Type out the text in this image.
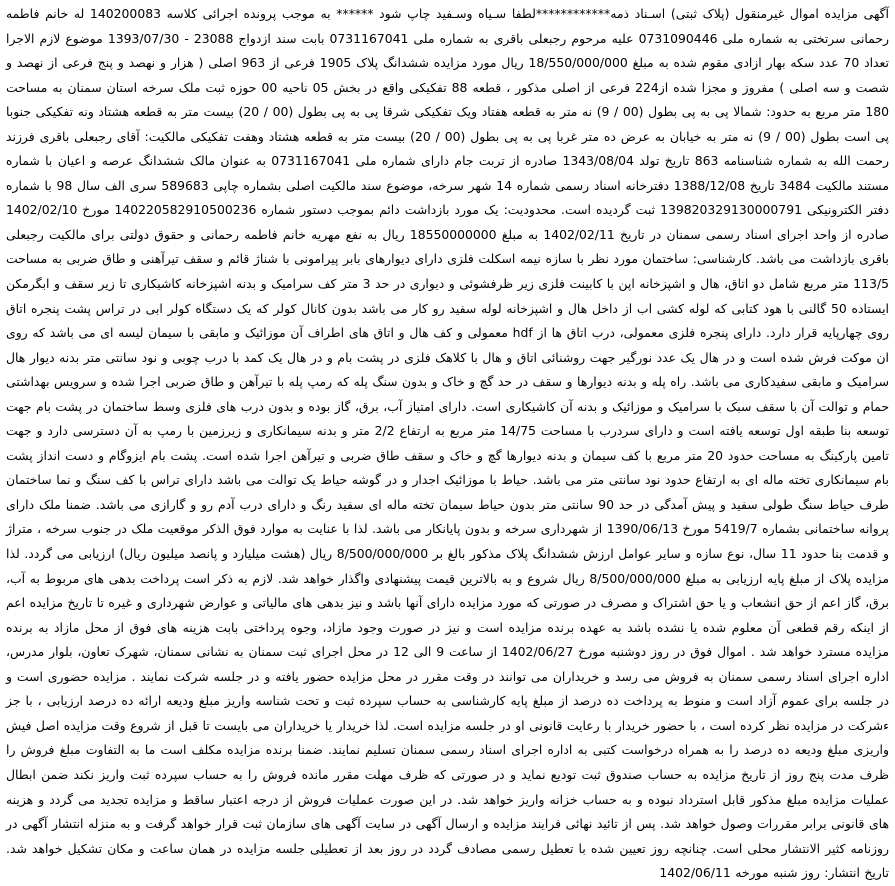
آگهی مزایده اموال غیرمنقول (پلاک ثبتی) اسـناد ذمه************لطفا سـیاه وسـفید چاپ شود ****** به موجب پرونده اجرائی کلاسه 140200083 له خانم فاطمه رحمانی سرتختی به شماره ملی 0731090446 علیه مرحوم رجبعلی باقری به شماره ملی 0731167041 بابت سند ازدواج 23088 - 1393/07/30 موضوع لازم الاجرا تعداد 70 عدد سکه بهار ازادی مقوم شده به مبلغ 18/550/000/000 ریال مورد مزایده ششدانگ پلاک 1905 فرعی از 963 اصلی ( هزار و نهصد و پنج فرعی از نهصد و شصت و سه اصلی ) مفروز و مجزا شده از224 فرعی از اصلی مذکور ، قطعه 88 تفکیکی واقع در بخش 05 ناحیه 00 حوزه ثبت ملک سرخه استان سمنان به مساحت 180 متر مربع به حدود: شمالا پی به پی بطول (00 / 9) نه متر به قطعه هفتاد ویک تفکیکی شرقا پی به پی بطول (00 / 20) بیست متر به قطعه هشتاد ونه تفکیکی جنوبا پی است بطول (00 / 9) نه متر به خیابان به عرض ده متر غربا پی به پی بطول (00 / 20) بیست متر به قطعه هشتاد وهفت تفکیکی مالکیت: آقای رجبعلی باقری فرزند رحمت الله به شماره شناسنامه 863 تاریخ تولد 1343/08/04 صادره از تربت جام دارای شماره ملی 0731167041 به عنوان مالک ششدانگ عرصه و اعیان با شماره مستند مالکیت 3484 تاریخ 1388/12/08 دفترخانه اسناد رسمی شماره 14 شهر سرخه، موضوع سند مالکیت اصلی بشماره چاپی 589683 سری الف سال 98 با شماره دفتر الکترونیکی 139820329130000791 ثبت گردیده است. محدودیت: یک مورد بازداشت دائم بموجب دستور شماره 140220582910500236 مورخ 1402/02/10 صادره از واحد اجرای اسناد رسمی سمنان در تاریخ 1402/02/11 به مبلغ 18550000000 ریال به نفع مهریه خانم فاطمه رحمانی و حقوق دولتی برای مالکیت رجبعلی باقری بازداشت می باشد. کارشناسی: ساختمان مورد نظر با سازه نیمه اسکلت فلزی دارای دیوارهای بابر پیرامونی با شناژ قائم و سقف تیرآهنی و طاق ضربی به مساحت 113/5 متر مربع شامل دو اتاق، هال و اشپزخانه اپن با کابینت فلزی زیر ظرفشوئی و دیواری در حد 3 متر کف سرامیک و بدنه اشپزخانه کاشیکاری تا زیر سقف و ابگرمکن ایستاده 50 گالنی با هود کتابی که لوله کشی اب از داخل هال و اشپزخانه لوله سفید رو کار می باشد بدون کانال کولر که یک دستگاه کولر ابی در تراس پشت پنجره اتاق روی چهارپایه قرار دارد. دارای پنجره فلزی معمولی، درب اتاق ها از hdf معمولی و کف هال و اتاق های اطراف آن موزائیک و مابقی با سیمان لیسه ای می باشد که روی ان موکت فرش شده است و در هال یک عدد نورگیر جهت روشنائی اتاق و هال با کلاهک فلزی در پشت بام و در هال یک کمد با درب چوبی و نود سانتی متر بدنه دیوار هال سرامیک و مابقی سفیدکاری می باشد. راه پله و بدنه دیوارها و سقف در حد گچ و خاک و بدون سنگ پله که رمپ پله با تیرآهن و طاق ضربی اجرا شده و سرویس بهداشتی حمام و توالت آن با سقف سبک با سرامیک و موزائیک و بدنه آن کاشیکاری است. دارای امتیاز آب، برق، گاز بوده و بدون درب های فلزی وسط ساختمان در پشت بام جهت توسعه بنا طبقه اول توسعه یافته است و دارای سردرب با مساحت 14/75 متر مربع به ارتفاع 2/2 متر و بدنه سیمانکاری و زیرزمین با رمپ به آن دسترسی دارد و جهت تامین پارکینگ به مساحت حدود 20 متر مربع با کف سیمان و بدنه دیوارها گچ و خاک و سقف طاق ضربی و تیرآهن اجرا شده است. پشت بام ایزوگام و دست انداز پشت بام سیمانکاری تخته ماله ای به ارتفاع حدود نود سانتی متر می باشد. حیاط با موزائیک اجدار و در گوشه حیاط یک توالت می باشد دارای تراس با کف سنگ و نما ساختمان طرف حیاط سنگ طولی سفید و پیش آمدگی در حد 90 سانتی متر بدون حیاط سیمان تخته ماله ای سفید رنگ و دارای درب آدم رو و گارازی می باشد. ضمنا ملک دارای پروانه ساختمانی بشماره 5419/7 مورخ 1390/06/13 از شهرداری سرخه و بدون پایانکار می باشد. لذا با عنایت به موارد فوق الذکر موقعیت ملک در جنوب سرخه ، متراژ و قدمت بنا حدود 11 سال، نوع سازه و سایر عوامل ارزش ششدانگ پلاک مذکور بالغ بر 8/500/000/000 ریال (هشت میلیارد و پانصد میلیون ریال) ارزیابی می گردد. لذا مزایده پلاک از مبلغ پایه ارزیابی به مبلغ 8/500/000/000 ریال شروع و به بالاترین قیمت پیشنهادی واگذار خواهد شد. لازم به ذکر است پرداخت بدهی های مربوط به آب، برق، گاز اعم از حق انشعاب و یا حق اشتراک و مصرف در صورتی که مورد مزایده دارای آنها باشد و نیز بدهی های مالیاتی و عوارض شهرداری و غیره تا تاریخ مزایده اعم از اینکه رقم قطعی آن معلوم شده یا نشده باشد به عهده برنده مزایده است و نیز در صورت وجود مازاد، وجوه پرداختی بابت هزینه های فوق از محل مازاد به برنده مزایده مسترد خواهد شد . اموال فوق در روز دوشنبه مورخ 1402/06/27 از ساعت 9 الی 12 در محل اجرای ثبت سمنان به نشانی سمنان، شهرک تعاون، بلوار مدرس، اداره اجرای اسناد رسمی سمنان به فروش می رسد و خریداران می توانند در وقت مقرر در محل مزایده حضور یافته و در جلسه شرکت نمایند . مزایده حضوری است و در جلسه برای عموم آزاد است و منوط به پرداخت ده درصد از مبلغ پایه کارشناسی به حساب سپرده ثبت و تحت شناسه واریز مبلغ ودیعه ارائه ده درصد ارزیابی ، با جز ءشرکت در مزایده نظر کرده است ، با حضور خریدار با رعایت قانونی او در جلسه مزایده است. لذا خریدار یا خریداران می بایست تا قبل از شروع وقت مزایده اصل فیش واریزی مبلغ ودیعه ده درصد را به همراه درخواست کتبی به اداره اجرای اسناد رسمی سمنان تسلیم نمایند. ضمنا برنده مزایده مکلف است ما به التفاوت مبلغ فروش را ظرف مدت پنج روز از تاریخ مزایده به حساب صندوق ثبت تودیع نماید و در صورتی که ظرف مهلت مقرر مانده فروش را به حساب سپرده ثبت واریز نکند ضمن ابطال عملیات مزایده مبلغ مذکور قابل استرداد نبوده و به حساب خزانه واریز خواهد شد. در این صورت عملیات فروش از درجه اعتبار ساقط و مزایده تجدید می گردد و هزینه های قانونی برابر مقررات وصول خواهد شد. پس از تائید نهائی فرایند مزایده و ارسال آگهی در سایت آگهی های سازمان ثبت قرار خواهد گرفت و به منزله انتشار آگهی در روزنامه کثیر الانتشار محلی است. چنانچه روز تعیین شده با تعطیل رسمی مصادف گردد در روز بعد از تعطیلی جلسه مزایده در همان ساعت و مکان تشکیل خواهد شد. تاریخ انتشار: روز شنبه مورخه 1402/06/11
